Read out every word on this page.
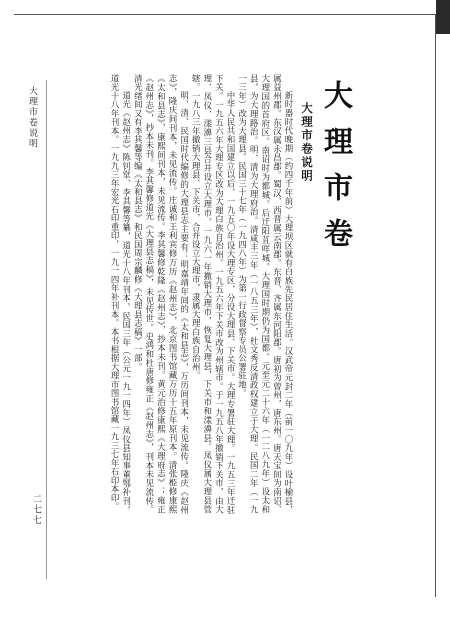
大理市卷
大理市卷说明

新时器时代晚期（约四千年前）大理坝区就有白族先民居住生活。汉武帝元封二年（前一〇九年）设叶榆县，属益州郡。东汉属永昌郡。蜀汉、西晋属云南郡。东晋、齐属东河阳郡。唐初为曾州，唐东州。唐天宝间为南诏、大理国的首府区。南诏时为都城。后迁阳苴咩城。大理国时期仍为国都。元至元二十六年（一二八九年）设太和县，为大理路治。明、清为大理府治。清咸丰三年（一八五三年），杜文秀反清政权建立于大理。民国二年（一九一三年）改为大理县。民国三十七年（一九四八年）为第一行政督察专员公署驻地。

中华人民共和国建立以后，一九五〇年设大理专区，分设大理县、下关市。大理专署驻大理。一九五三年迁驻下关。一九五六年大理专区改为大理白族自治州。一九五六年下关市改为州辖市。于一九五八年撤销下关市，由大理、凤仪、漾濞三县合并设立大理市。一九六一年撤销大理市，恢复大理县，下关市和漾濞县。凤仪属大理县管辖。一九八三年撤销大理县、下关市，合并设立大理市，隶属大理白族自治州。

明、清、民国时代编修的大理县志主要有：明嘉靖年间的《太和县志》，万历间刊本，未见流传。隆庆《赵州志》，隆庆间刊本，未见流传。庄诚和王利宾修万历《赵州志》，北京图书馆藏万历十五年原刊本。清张栕修康熙《太和县志》，康熙间刊本，未见流传。李其馨修乾隆《赵州志》，抄本未刊。黄元治修康熙《大理府志》；雍正《赵州志》，抄本未刊。李其馨修道光《大理县志稿》，未见传世。史鸿和杜唐修雍正《赵州志》，刊本未见流传。清光绪间又有李其馨等编《太和县志》和民国周宗麟修《大理县志稿》一部。

道光《赵州志》陈钊堂、李其馨等纂，道光十八年刊本。民国三年（公元一九一四年）凤仪县知事董鄂补刊。道光十八年刊本。一九九三年宏光石印重印，一九一四年补刊本。本书根据大理市图书馆藏一九三七年石印本印。

大理市卷说明
二七七
